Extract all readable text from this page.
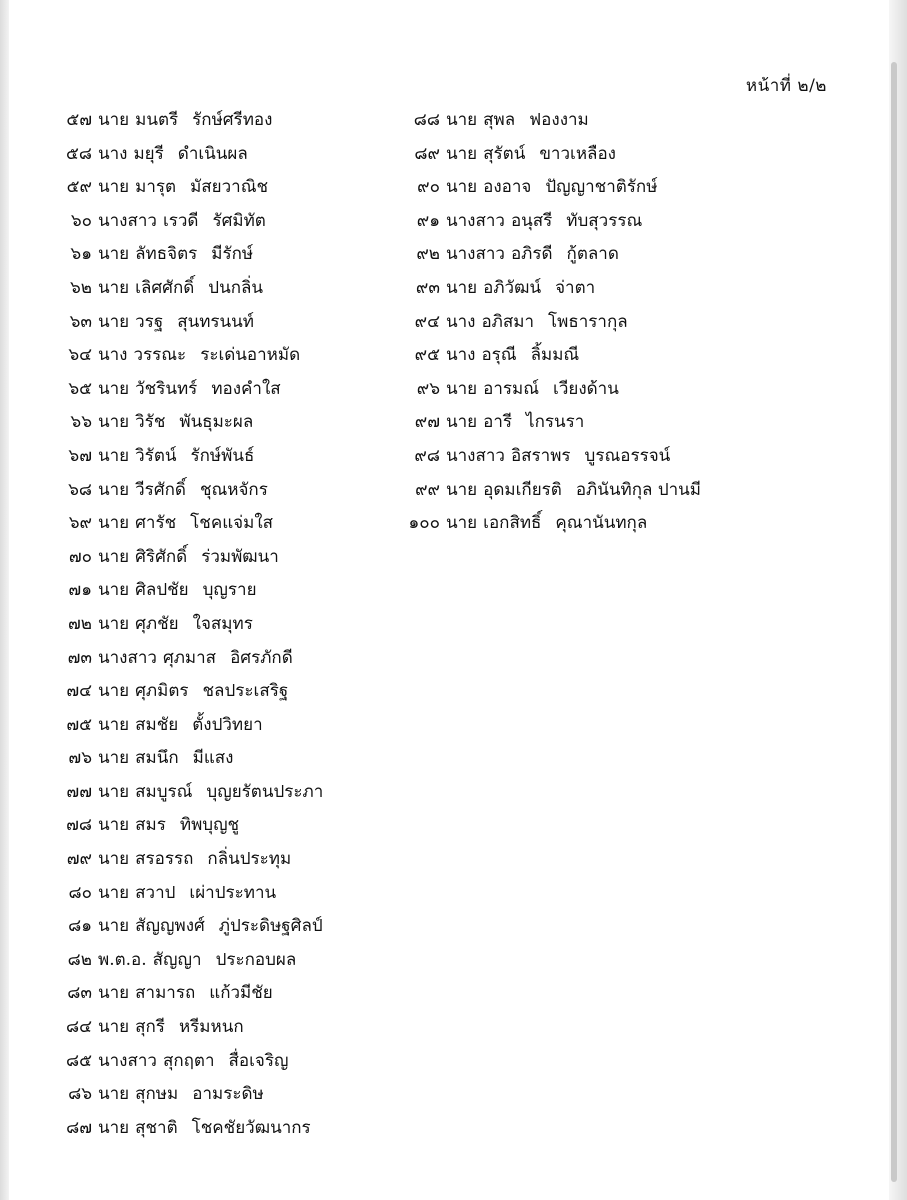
หน้าที่ ๒/๒
๕๗ นาย มนตรี รักษ์ศรีทอง
๕๘ นาง มยุรี ดำเนินผล
๕๙ นาย มารุต มัสยวาณิช
๖๐ นางสาว เรวดี รัศมิทัต
๖๑ นาย ลัทธจิตร มีรักษ์
๖๒ นาย เลิศศักดิ์ ปนกลิ่น
๖๓ นาย วรฐ สุนทรนนท์
๖๔ นาง วรรณะ ระเด่นอาหมัด
๖๕ นาย วัชรินทร์ ทองคำใส
๖๖ นาย วิรัช พันธุมะผล
๖๗ นาย วิรัตน์ รักษ์พันธ์
๖๘ นาย วีรศักดิ์ ชุณหจักร
๖๙ นาย ศารัช โชคแจ่มใส
๗๐ นาย ศิริศักดิ์ ร่วมพัฒนา
๗๑ นาย ศิลปชัย บุญราย
๗๒ นาย ศุภชัย ใจสมุทร
๗๓ นางสาว ศุภมาส อิศรภักดี
๗๔ นาย ศุภมิตร ชลประเสริฐ
๗๕ นาย สมชัย ตั้งปวิทยา
๗๖ นาย สมนึก มีแสง
๗๗ นาย สมบูรณ์ บุญยรัตนประภา
๗๘ นาย สมร ทิพบุญชู
๗๙ นาย สรอรรถ กลิ่นประทุม
๘๐ นาย สวาป เผ่าประทาน
๘๑ นาย สัญญพงศ์ ภู่ประดิษฐศิลป์
๘๒ พ.ต.อ. สัญญา ประกอบผล
๘๓ นาย สามารถ แก้วมีชัย
๘๔ นาย สุกรี หรีมหนก
๘๕ นางสาว สุกฤตา สื่อเจริญ
๘๖ นาย สุกษม อามระดิษ
๘๗ นาย สุชาติ โชคชัยวัฒนากร
๘๘ นาย สุพล ฟองงาม
๘๙ นาย สุรัตน์ ขาวเหลือง
๙๐ นาย องอาจ ปัญญาชาติรักษ์
๙๑ นางสาว อนุสรี ทับสุวรรณ
๙๒ นางสาว อภิรดี กู้ตลาด
๙๓ นาย อภิวัฒน์ จ่าตา
๙๔ นาง อภิสมา โพธารากุล
๙๕ นาง อรุณี ลิ้มมณี
๙๖ นาย อารมณ์ เวียงด้าน
๙๗ นาย อารี ไกรนรา
๙๘ นางสาว อิสราพร บูรณอรรจน์
๙๙ นาย อุดมเกียรติ อภินันทิกุล ปานมี
๑๐๐ นาย เอกสิทธิ์ คุณานันทกุล
